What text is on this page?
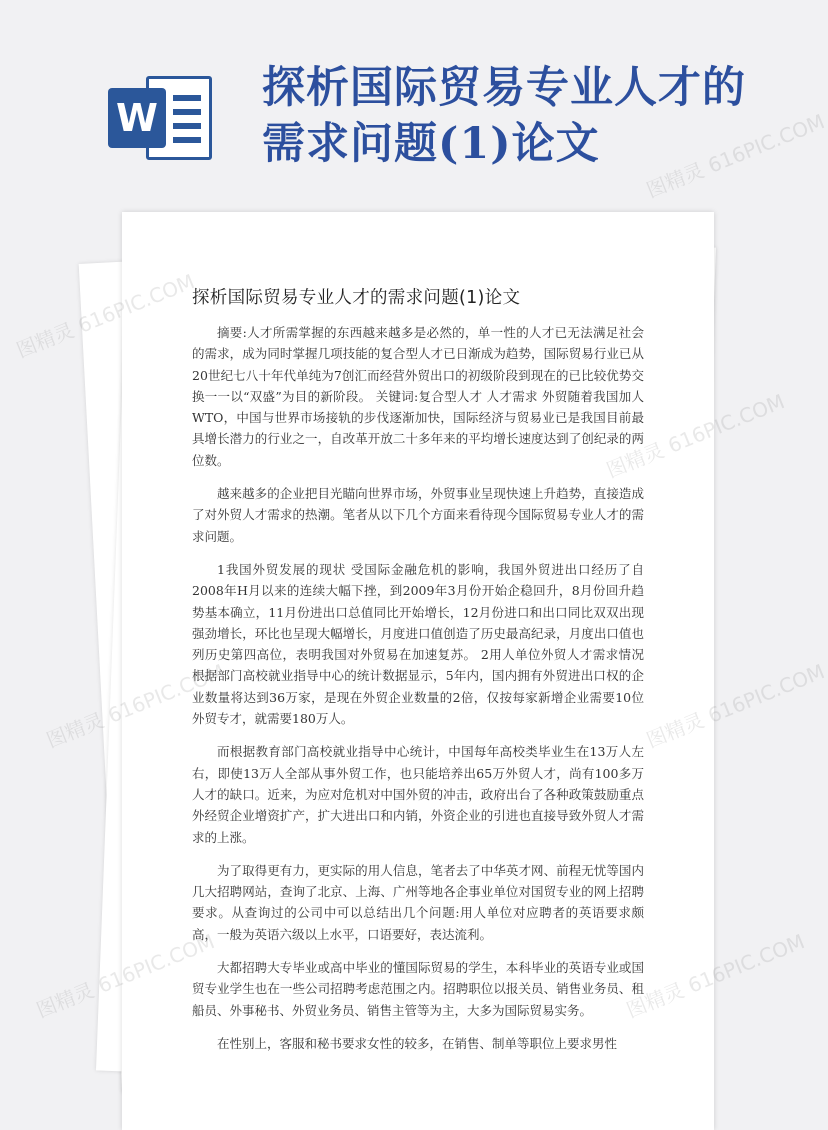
W
探析国际贸易专业人才的需求问题(1)论文
探析国际贸易专业人才的需求问题(1)论文

摘要:人才所需掌握的东西越来越多是必然的，单一性的人才已无法满足社会的需求，成为同时掌握几项技能的复合型人才已日渐成为趋势，国际贸易行业已从20世纪七八十年代单纯为7创汇而经营外贸出口的初级阶段到现在的已比较优势交换一一以“双盛”为目的新阶段。 关键词:复合型人才 人才需求 外贸随着我国加人WTO，中国与世界市场接轨的步伐逐渐加快，国际经济与贸易业已是我国目前最具增长潜力的行业之一，自改革开放二十多年来的平均增长速度达到了创纪录的两位数。

越来越多的企业把目光瞄向世界市场，外贸事业呈现快速上升趋势，直接造成了对外贸人才需求的热潮。笔者从以下几个方面来看待现今国际贸易专业人才的需求问题。

1我国外贸发展的现状 受国际金融危机的影响，我国外贸进出口经历了自2008年H月以来的连续大幅下挫，到2009年3月份开始企稳回升，8月份回升趋势基本确立，11月份进出口总值同比开始增长，12月份进口和出口同比双双出现强劲增长，环比也呈现大幅增长，月度进口值创造了历史最高纪录，月度出口值也列历史第四高位，表明我国对外贸易在加速复苏。 2用人单位外贸人才需求情况 根据部门高校就业指导中心的统计数据显示，5年内，国内拥有外贸进出口权的企业数量将达到36万家，是现在外贸企业数量的2倍，仅按每家新增企业需要10位外贸专才，就需要180万人。

而根据教育部门高校就业指导中心统计，中国每年高校类毕业生在13万人左右，即使13万人全部从事外贸工作，也只能培养出65万外贸人才，尚有100多万人才的缺口。近来，为应对危机对中国外贸的冲击，政府出台了各种政策鼓励重点外经贸企业增资扩产，扩大进出口和内销，外资企业的引进也直接导致外贸人才需求的上涨。

为了取得更有力，更实际的用人信息，笔者去了中华英才网、前程无忧等国内几大招聘网站，查询了北京、上海、广州等地各企事业单位对国贸专业的网上招聘要求。从查询过的公司中可以总结出几个问题:用人单位对应聘者的英语要求颇高，一般为英语六级以上水平，口语要好，表达流利。

大都招聘大专毕业或高中毕业的懂国际贸易的学生，本科毕业的英语专业或国贸专业学生也在一些公司招聘考虑范围之内。招聘职位以报关员、销售业务员、租船员、外事秘书、外贸业务员、销售主管等为主，大多为国际贸易实务。

在性别上，客服和秘书要求女性的较多，在销售、制单等职位上要求男性

图精灵
616PIC.COM
图精灵	图精灵 616PIC.COM
图精灵	图精灵 616PIC.COM
